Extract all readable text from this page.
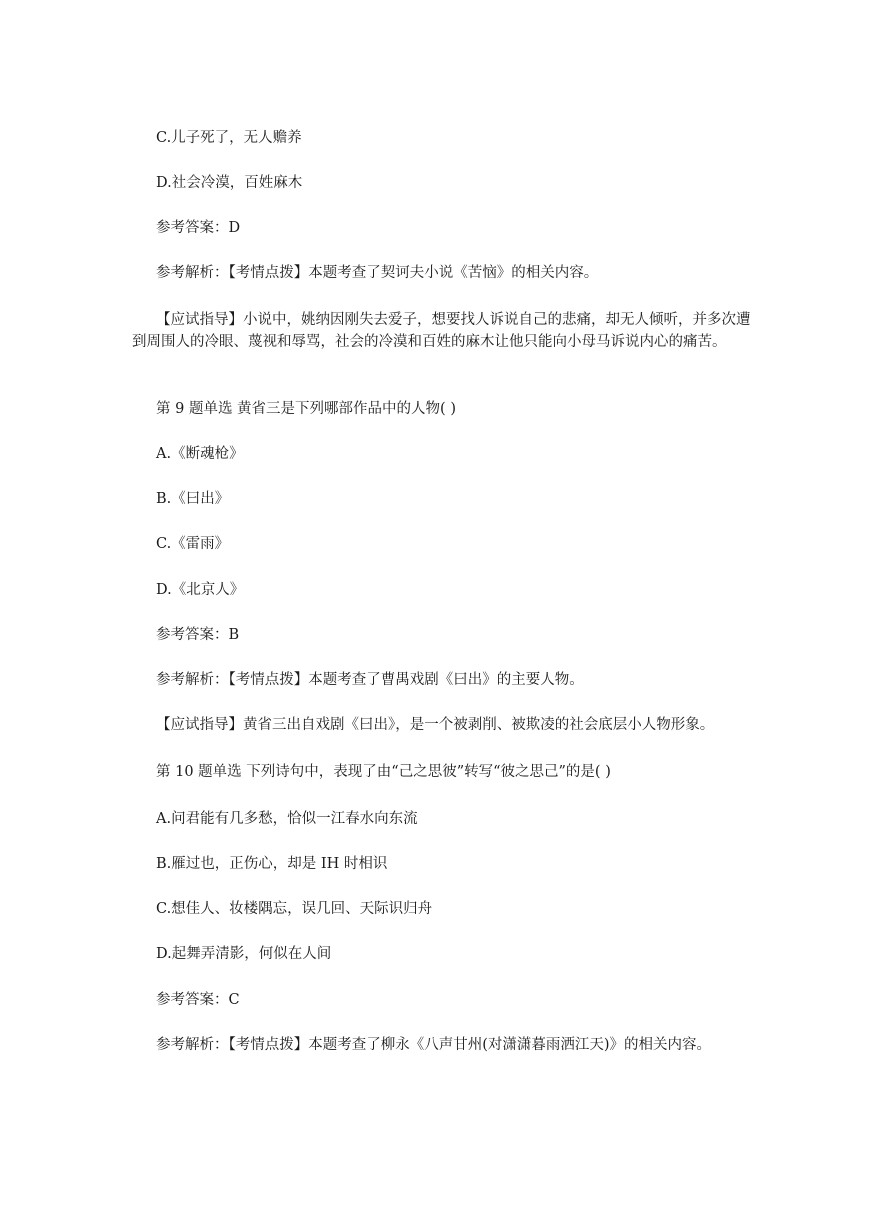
C.儿子死了，无人赡养
D.社会冷漠，百姓麻木
参考答案：D
参考解析：【考情点拨】本题考查了契诃夫小说《苦恼》的相关内容。
【应试指导】小说中，姚纳因刚失去爱子，想要找人诉说自己的悲痛，却无人倾听，并多次遭到周围人的冷眼、蔑视和辱骂，社会的冷漠和百姓的麻木让他只能向小母马诉说内心的痛苦。
第 9 题单选 黄省三是下列哪部作品中的人物( )
A.《断魂枪》
B.《曰出》
C.《雷雨》
D.《北京人》
参考答案：B
参考解析：【考情点拨】本题考查了曹禺戏剧《曰出》的主要人物。
【应试指导】黄省三出自戏剧《曰出》，是一个被剥削、被欺凌的社会底层小人物形象。
第 10 题单选 下列诗句中，表现了由“己之思彼”转写“彼之思己”的是( )
A.问君能有几多愁，恰似一江春水向东流
B.雁过也，正伤心，却是 IH 时相识
C.想佳人、妆楼隅忘，误几回、天际识归舟
D.起舞弄清影，何似在人间
参考答案：C
参考解析：【考情点拨】本题考查了柳永《八声甘州(对潇潇暮雨洒江天)》的相关内容。
